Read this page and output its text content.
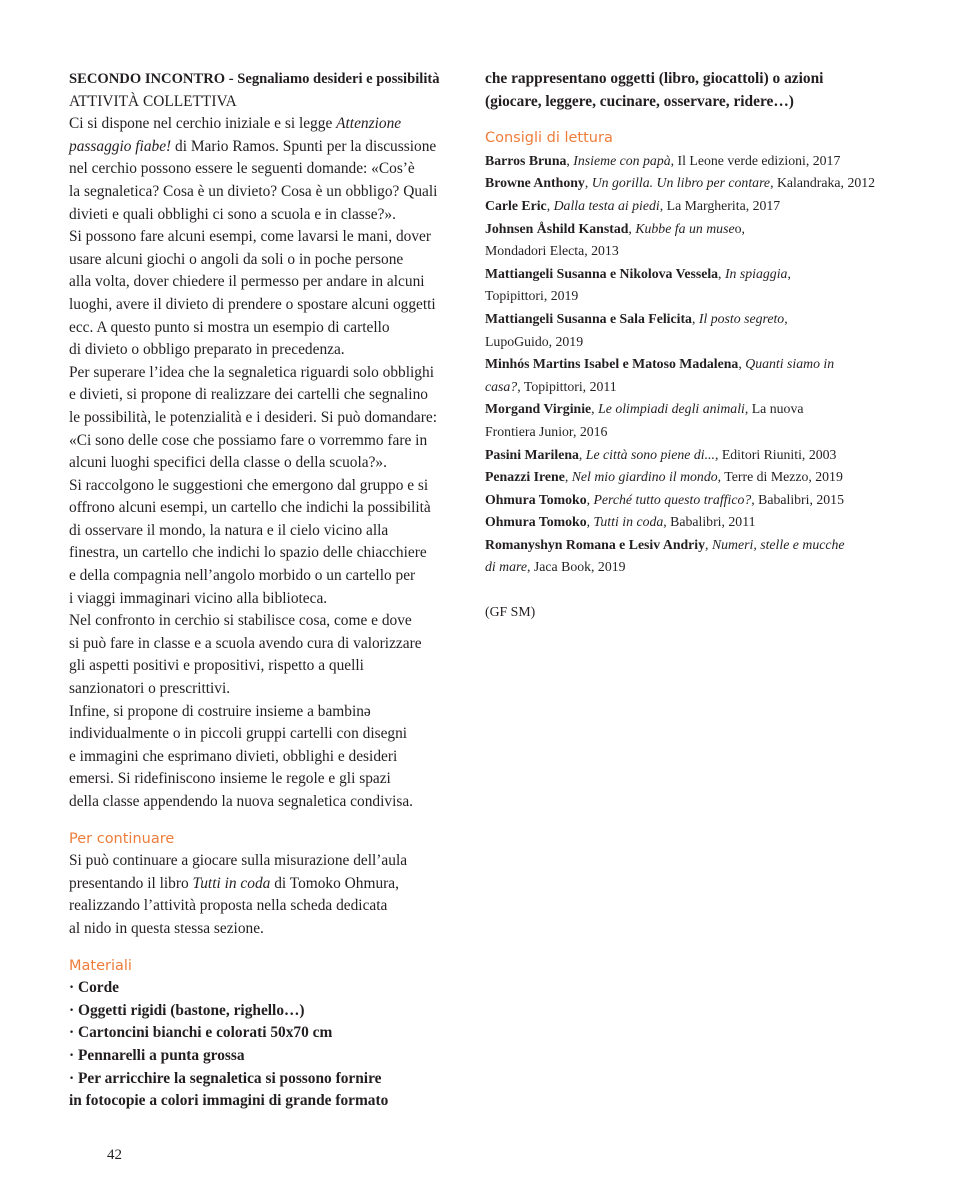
SECONDO INCONTRO - Segnaliamo desideri e possibilità

ATTIVITÀ COLLETTIVA

Ci si dispone nel cerchio iniziale e si legge Attenzione
passaggio fiabe! di Mario Ramos. Spunti per la discussione
nel cerchio possono essere le seguenti domande: «Cos’è
la segnaletica? Cosa è un divieto? Cosa è un obbligo? Quali
divieti e quali obblighi ci sono a scuola e in classe?».
Si possono fare alcuni esempi, come lavarsi le mani, dover
usare alcuni giochi o angoli da soli o in poche persone
alla volta, dover chiedere il permesso per andare in alcuni
luoghi, avere il divieto di prendere o spostare alcuni oggetti
ecc. A questo punto si mostra un esempio di cartello
di divieto o obbligo preparato in precedenza.
Per superare l’idea che la segnaletica riguardi solo obblighi
e divieti, si propone di realizzare dei cartelli che segnalino
le possibilità, le potenzialità e i desideri. Si può domandare:
«Ci sono delle cose che possiamo fare o vorremmo fare in
alcuni luoghi specifici della classe o della scuola?».
Si raccolgono le suggestioni che emergono dal gruppo e si
offrono alcuni esempi, un cartello che indichi la possibilità
di osservare il mondo, la natura e il cielo vicino alla
finestra, un cartello che indichi lo spazio delle chiacchiere
e della compagnia nell’angolo morbido o un cartello per
i viaggi immaginari vicino alla biblioteca.
Nel confronto in cerchio si stabilisce cosa, come e dove
si può fare in classe e a scuola avendo cura di valorizzare
gli aspetti positivi e propositivi, rispetto a quelli
sanzionatori o prescrittivi.
Infine, si propone di costruire insieme a bambinə
individualmente o in piccoli gruppi cartelli con disegni
e immagini che esprimano divieti, obblighi e desideri
emersi. Si ridefiniscono insieme le regole e gli spazi
della classe appendendo la nuova segnaletica condivisa.

Per continuare

Si può continuare a giocare sulla misurazione dell’aula
presentando il libro Tutti in coda di Tomoko Ohmura,
realizzando l’attività proposta nella scheda dedicata
al nido in questa stessa sezione.

Materiali

· Corde
· Oggetti rigidi (bastone, righello…)
· Cartoncini bianchi e colorati 50x70 cm
· Pennarelli a punta grossa
· Per arricchire la segnaletica si possono fornire
in fotocopie a colori immagini di grande formato
che rappresentano oggetti (libro, giocattoli) o azioni
(giocare, leggere, cucinare, osservare, ridere…)

Consigli di lettura

Barros Bruna, Insieme con papà, Il Leone verde edizioni, 2017

Browne Anthony, Un gorilla. Un libro per contare, Kalandraka, 2012

Carle Eric, Dalla testa ai piedi, La Margherita, 2017

Johnsen Åshild Kanstad, Kubbe fa un museo,
Mondadori Electa, 2013

Mattiangeli Susanna e Nikolova Vessela, In spiaggia,
Topipittori, 2019

Mattiangeli Susanna e Sala Felicita, Il posto segreto,
LupoGuido, 2019

Minhós Martins Isabel e Matoso Madalena, Quanti siamo in
casa?, Topipittori, 2011

Morgand Virginie, Le olimpiadi degli animali, La nuova
Frontiera Junior, 2016

Pasini Marilena, Le città sono piene di..., Editori Riuniti, 2003

Penazzi Irene, Nel mio giardino il mondo, Terre di Mezzo, 2019

Ohmura Tomoko, Perché tutto questo traffico?, Babalibri, 2015

Ohmura Tomoko, Tutti in coda, Babalibri, 2011

Romanyshyn Romana e Lesiv Andriy, Numeri, stelle e mucche
di mare, Jaca Book, 2019

(GF SM)

42
